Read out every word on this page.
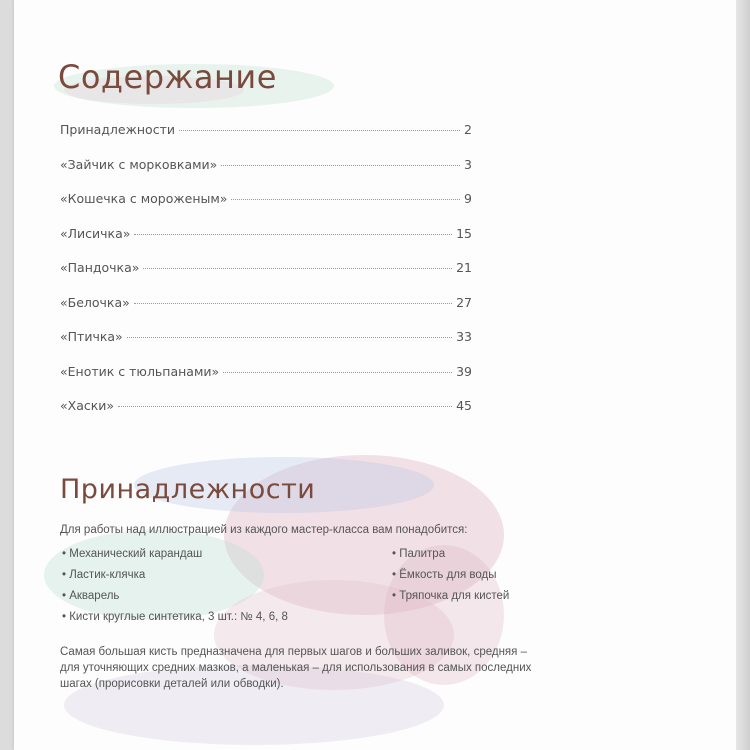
Содержание
Принадлежности	2
«Зайчик с морковками»	3
«Кошечка с мороженым»	9
«Лисичка»	15
«Пандочка»	21
«Белочка»	27
«Птичка»	33
«Енотик с тюльпанами»	39
«Хаски»	45
Принадлежности

Для работы над иллюстрацией из каждого мастер-класса вам понадобится:

• Механический карандаш
• Ластик-клячка
• Акварель
• Кисти круглые синтетика, 3 шт.: № 4, 6, 8
• Палитра
• Ёмкость для воды
• Тряпочка для кистей

Самая большая кисть предназначена для первых шагов и больших заливок, средняя – для уточняющих средних мазков, а маленькая – для использования в самых последних шагах (прорисовки деталей или обводки).
